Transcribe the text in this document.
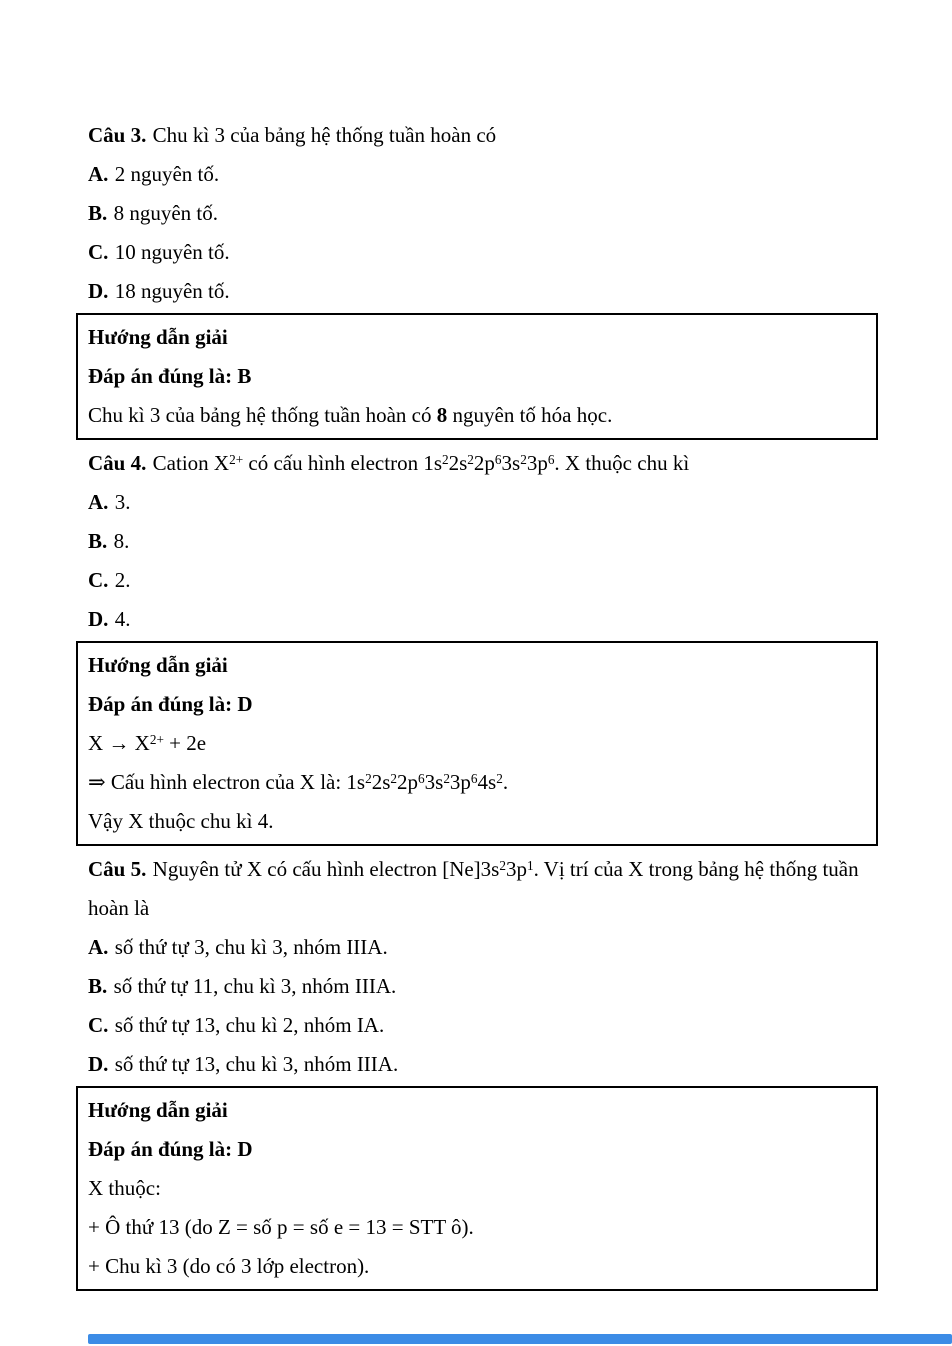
Câu 3. Chu kì 3 của bảng hệ thống tuần hoàn có

A. 2 nguyên tố.

B. 8 nguyên tố.

C. 10 nguyên tố.

D. 18 nguyên tố.

Hướng dẫn giải

Đáp án đúng là: B

Chu kì 3 của bảng hệ thống tuần hoàn có 8 nguyên tố hóa học.

Câu 4. Cation $X^{2+}$ có cấu hình electron $1s^22s^22p^63s^23p^6$. X thuộc chu kì

A. 3.

B. 8.

C. 2.

D. 4.

Hướng dẫn giải

Đáp án đúng là: D

$X \to X^{2+} + 2e$

⇒ Cấu hình electron của X là: $1s^22s^22p^63s^23p^64s^2$.

Vậy X thuộc chu kì 4.

Câu 5. Nguyên tử X có cấu hình electron $[Ne]3s^23p^1$. Vị trí của X trong bảng hệ thống tuần hoàn là

A. số thứ tự 3, chu kì 3, nhóm IIIA.

B. số thứ tự 11, chu kì 3, nhóm IIIA.

C. số thứ tự 13, chu kì 2, nhóm IA.

D. số thứ tự 13, chu kì 3, nhóm IIIA.

Hướng dẫn giải

Đáp án đúng là: D

X thuộc:

+ Ô thứ 13 (do Z = số p = số e = 13 = STT ô).

+ Chu kì 3 (do có 3 lớp electron).
